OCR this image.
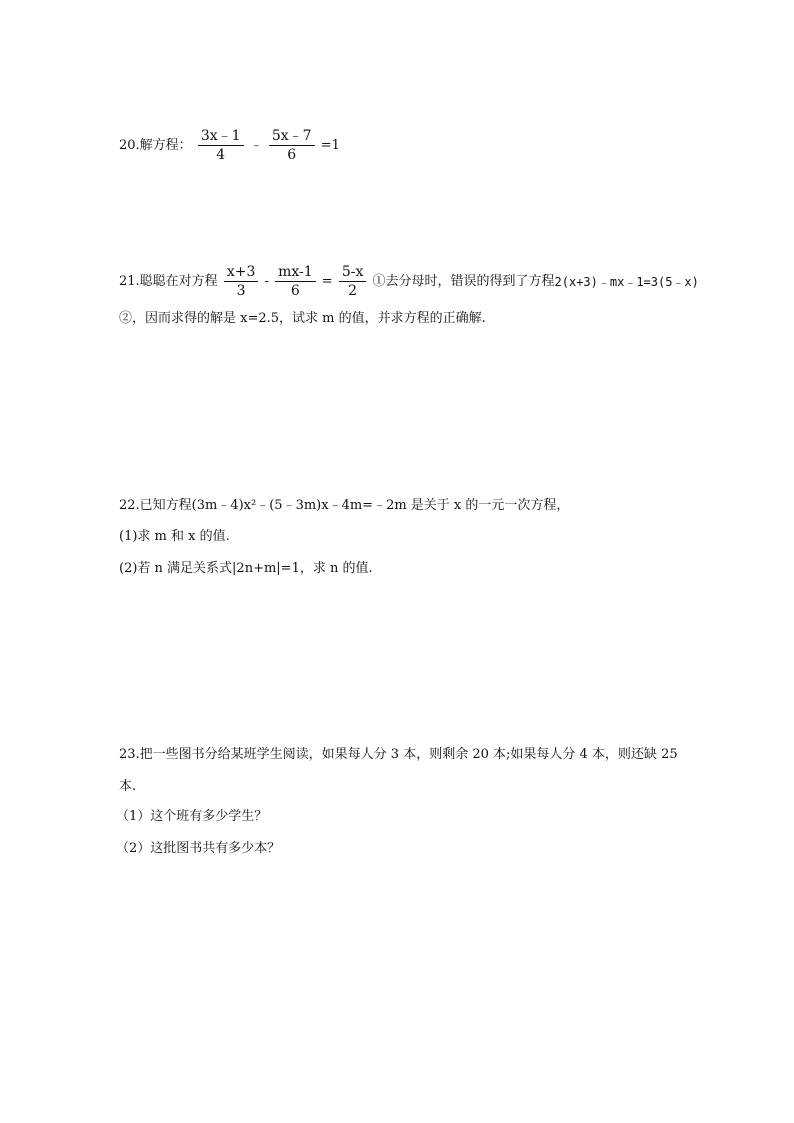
20.解方程： $\frac{3x﹣1}{4}$ ﹣ $\frac{5x﹣7}{6} =1$
21.聪聪在对方程 $\frac{x+3}{3} - \frac{mx-1}{6} = \frac{5-x}{2}$ ①去分母时，错误的得到了方程2(x+3)﹣mx﹣1=3(5﹣x)
②，因而求得的解是 x=2.5，试求 m 的值，并求方程的正确解.
22.已知方程(3m﹣4)x²﹣(5﹣3m)x﹣4m=﹣2m 是关于 x 的一元一次方程，
(1)求 m 和 x 的值.
(2)若 n 满足关系式|2n+m|=1，求 n 的值.
23.把一些图书分给某班学生阅读，如果每人分 3 本，则剩余 20 本;如果每人分 4 本，则还缺 25
本.
（1）这个班有多少学生？
（2）这批图书共有多少本？
